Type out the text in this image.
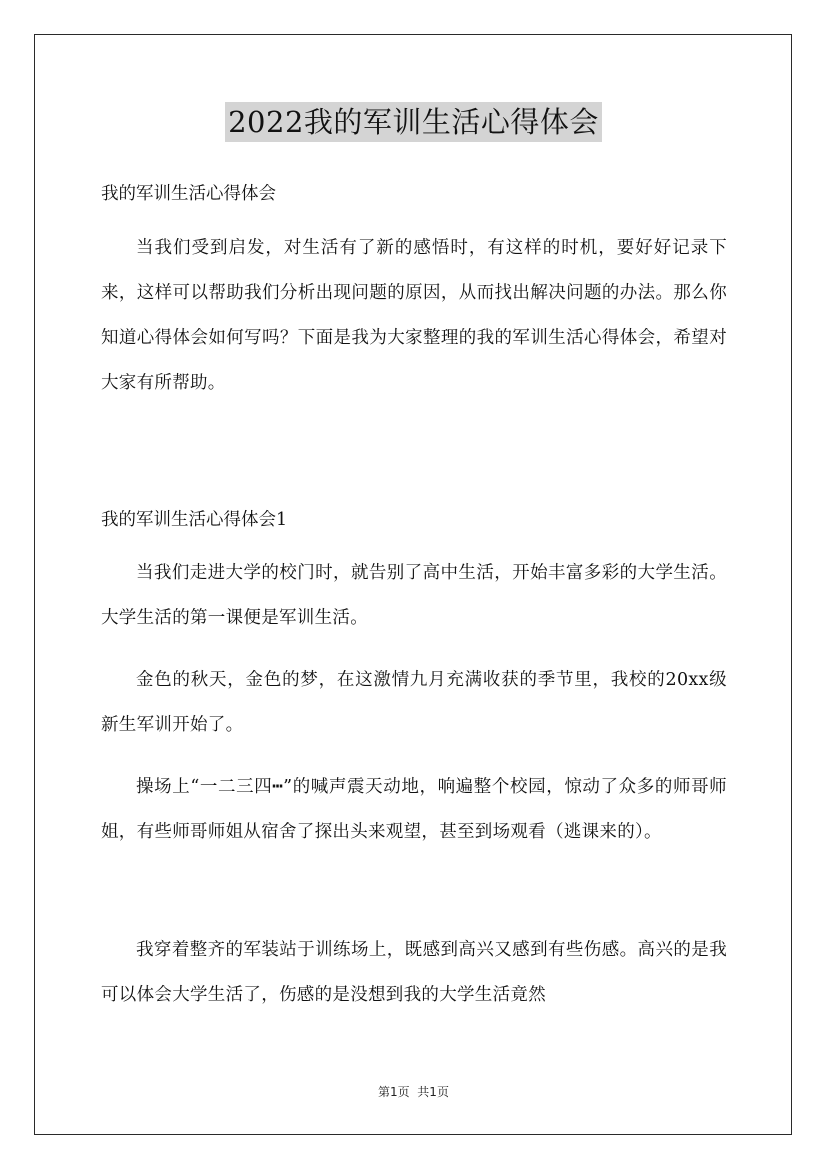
2022我的军训生活心得体会

我的军训生活心得体会

当我们受到启发，对生活有了新的感悟时，有这样的时机，要好好记录下来，这样可以帮助我们分析出现问题的原因，从而找出解决问题的办法。那么你知道心得体会如何写吗？下面是我为大家整理的我的军训生活心得体会，希望对大家有所帮助。

我的军训生活心得体会1

当我们走进大学的校门时，就告别了高中生活，开始丰富多彩的大学生活。大学生活的第一课便是军训生活。

金色的秋天，金色的梦，在这激情九月充满收获的季节里，我校的20xx级新生军训开始了。

操场上“一二三四┅”的喊声震天动地，响遍整个校园，惊动了众多的师哥师姐，有些师哥师姐从宿舍了探出头来观望，甚至到场观看（逃课来的）。

我穿着整齐的军装站于训练场上，既感到高兴又感到有些伤感。高兴的是我可以体会大学生活了，伤感的是没想到我的大学生活竟然

第1页  共1页
